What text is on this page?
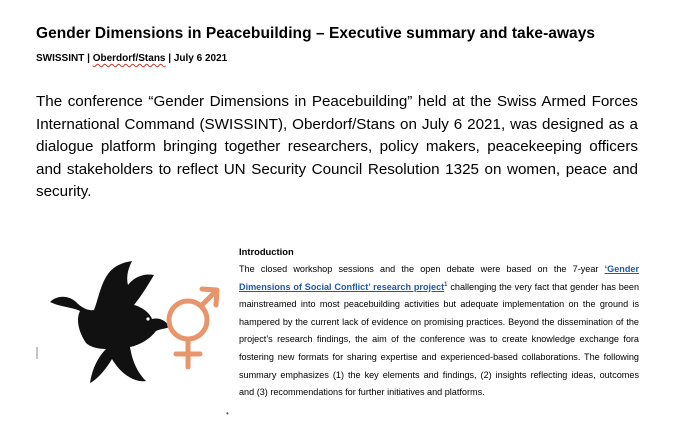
Gender Dimensions in Peacebuilding – Executive summary and take-aways
SWISSINT | Oberdorf/Stans | July 6 2021

The conference “Gender Dimensions in Peacebuilding” held at the Swiss Armed Forces International Command (SWISSINT), Oberdorf/Stans on July 6 2021, was designed as a dialogue platform bringing together researchers, policy makers, peacekeeping officers and stakeholders to reflect UN Security Council Resolution 1325 on women, peace and security.

Introduction

The closed workshop sessions and the open debate were based on the 7-year ‘Gender Dimensions of Social Conflict’ research project$^1$ challenging the very fact that gender has been mainstreamed into most peacebuilding activities but adequate implementation on the ground is hampered by the current lack of evidence on promising practices. Beyond the dissemination of the project’s research findings, the aim of the conference was to create knowledge exchange fora fostering new formats for sharing expertise and experienced-based collaborations. The following summary emphasizes (1) the key elements and findings, (2) insights reflecting ideas, outcomes and (3) recommendations for further initiatives and platforms.

•
